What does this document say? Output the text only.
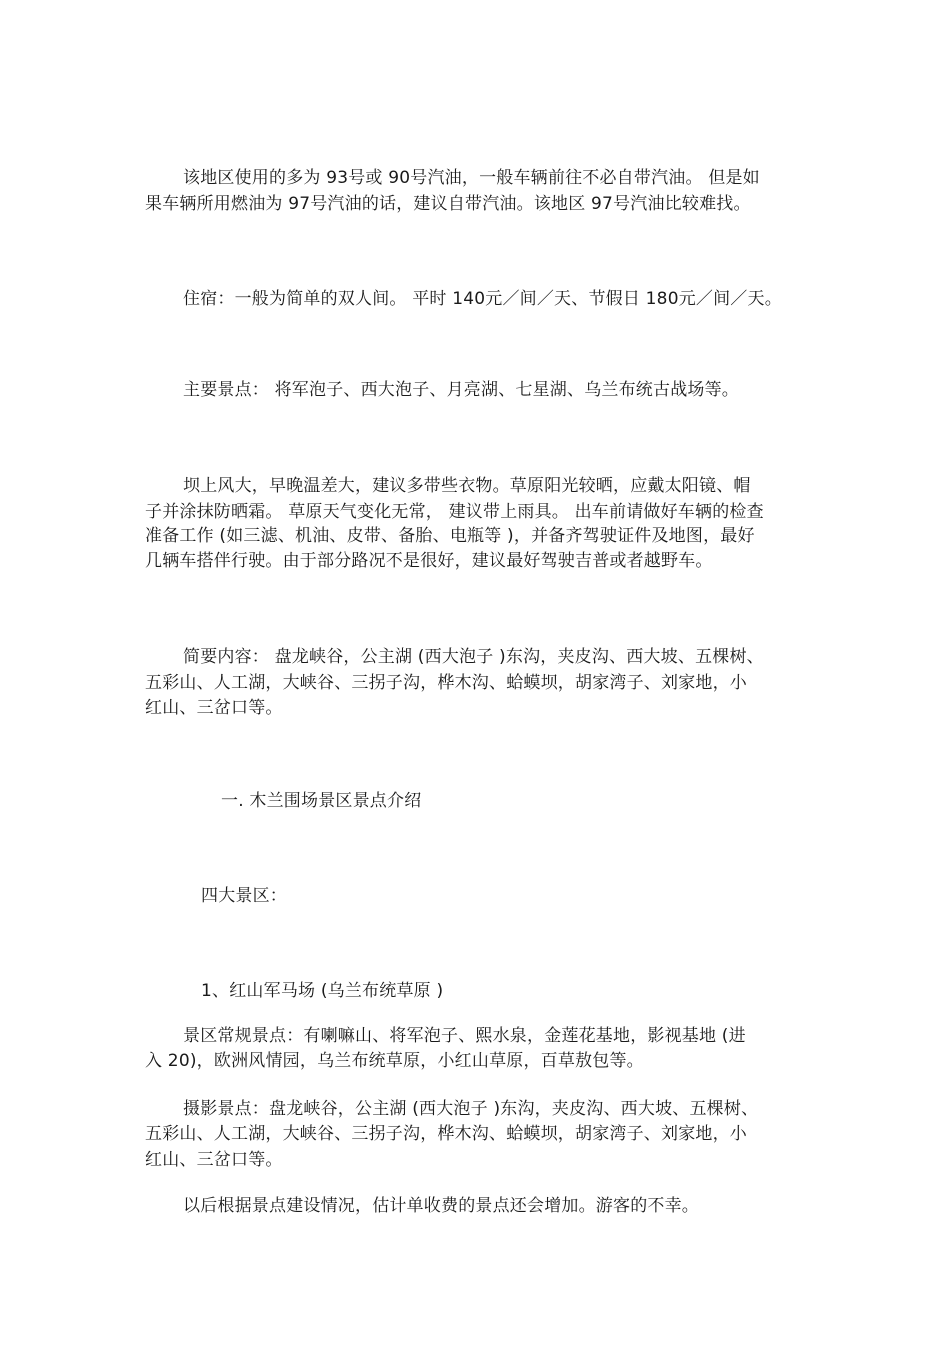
该地区使用的多为 93号或 90号汽油，一般车辆前往不必自带汽油。 但是如
果车辆所用燃油为 97号汽油的话，建议自带汽油。该地区 97号汽油比较难找。
住宿：一般为简单的双人间。 平时 140元／间／天、节假日 180元／间／天。
主要景点： 将军泡子、西大泡子、月亮湖、七星湖、乌兰布统古战场等。
坝上风大，早晚温差大，建议多带些衣物。草原阳光较晒，应戴太阳镜、帽
子并涂抹防晒霜。 草原天气变化无常， 建议带上雨具。 出车前请做好车辆的检查
准备工作 (如三滤、机油、皮带、备胎、电瓶等 )，并备齐驾驶证件及地图，最好
几辆车搭伴行驶。由于部分路况不是很好，建议最好驾驶吉普或者越野车。
简要内容： 盘龙峡谷，公主湖 (西大泡子 )东沟，夹皮沟、西大坡、五棵树、
五彩山、人工湖，大峡谷、三拐子沟，桦木沟、蛤蟆坝，胡家湾子、刘家地，小
红山、三岔口等。
一. 木兰围场景区景点介绍
四大景区：
1、红山军马场 (乌兰布统草原 )
景区常规景点：有喇嘛山、将军泡子、熙水泉，金莲花基地，影视基地 (进
入 20)，欧洲风情园，乌兰布统草原，小红山草原，百草敖包等。
摄影景点：盘龙峡谷，公主湖 (西大泡子 )东沟，夹皮沟、西大坡、五棵树、
五彩山、人工湖，大峡谷、三拐子沟，桦木沟、蛤蟆坝，胡家湾子、刘家地，小
红山、三岔口等。
以后根据景点建设情况，估计单收费的景点还会增加。游客的不幸。
